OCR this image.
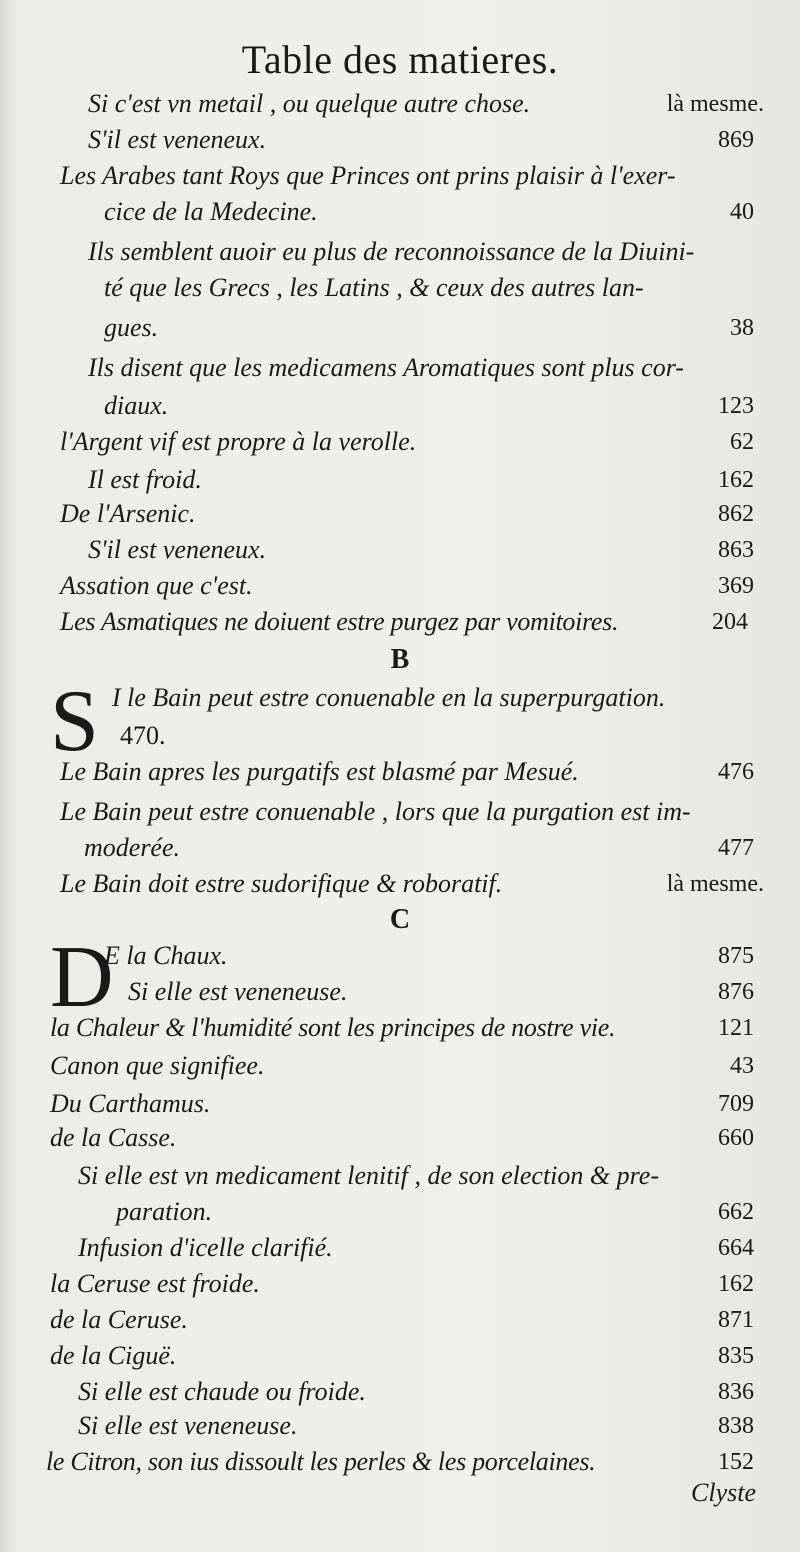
Table des matieres.
Si c'est vn metail , ou quelque autre chose.	là mesme.
S'il est veneneux.	869
Les Arabes tant Roys que Princes ont prins plaisir à l'exer-
cice de la Medecine.	40
Ils semblent auoir eu plus de reconnoissance de la Diuini-
té que les Grecs , les Latins , & ceux des autres lan-
gues.	38
Ils disent que les medicamens Aromatiques sont plus cor-
diaux.	123
l'Argent vif est propre à la verolle.	62
Il est froid.	162
De l'Arsenic.	862
S'il est veneneux.	863
Assation que c'est.	369
Les Asmatiques ne doiuent estre purgez par vomitoires.	204
B
S I le Bain peut estre conuenable en la superpurgation.
470.
Le Bain apres les purgatifs est blasmé par Mesué.	476
Le Bain peut estre conuenable , lors que la purgation est im-
moderée.	477
Le Bain doit estre sudorifique & roboratif.	là mesme.
C
D
E la Chaux.	875
Si elle est veneneuse.	876
la Chaleur & l'humidité sont les principes de nostre vie.	121
Canon que signifiee.	43
Du Carthamus.	709
de la Casse.	660
Si elle est vn medicament lenitif , de son election & pre-
paration.	662
Infusion d'icelle clarifié.	664
la Ceruse est froide.	162
de la Ceruse.	871
de la Ciguë.	835
Si elle est chaude ou froide.	836
Si elle est veneneuse.	838
le Citron, son ius dissoult les perles & les porcelaines.	152
Clyste
